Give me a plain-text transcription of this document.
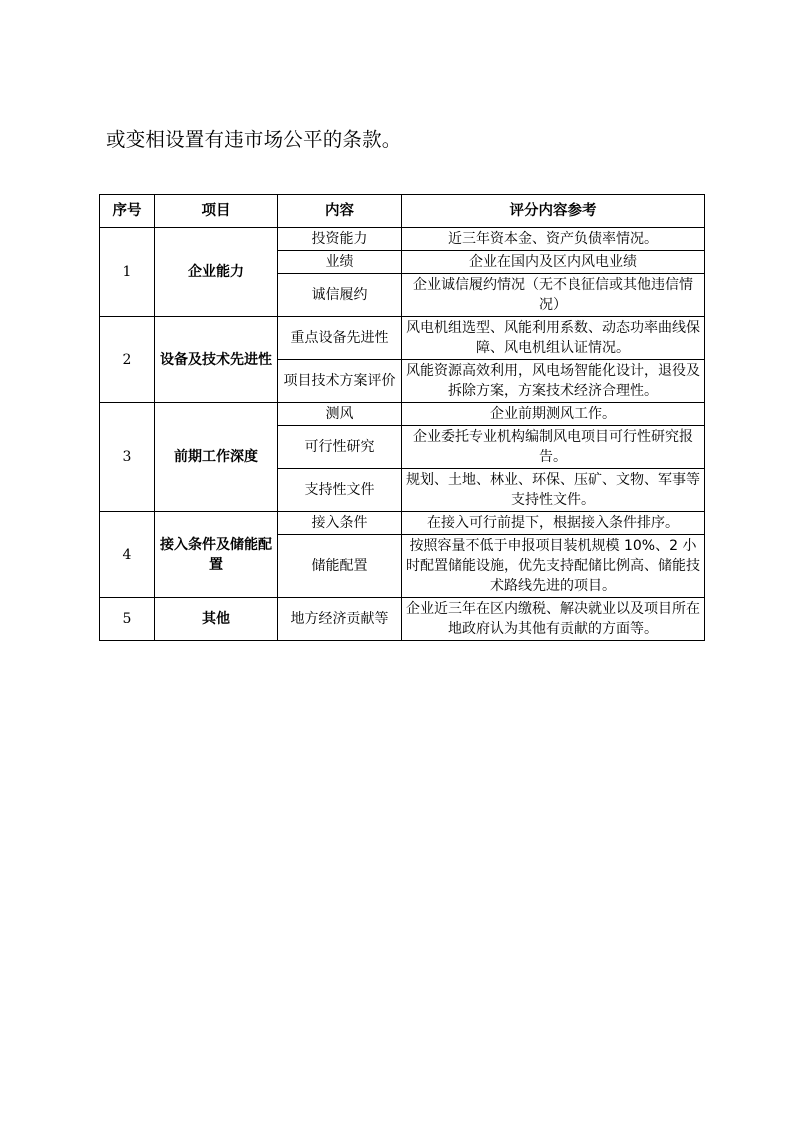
或变相设置有违市场公平的条款。
序号	项目	内容	评分内容参考
1	企业能力	投资能力	近三年资本金、资产负债率情况。
		业绩	企业在国内及区内风电业绩
		诚信履约	企业诚信履约情况（无不良征信或其他违信情况）
2	设备及技术先进性	重点设备先进性	风电机组选型、风能利用系数、动态功率曲线保障、风电机组认证情况。
		项目技术方案评价	风能资源高效利用，风电场智能化设计，退役及拆除方案，方案技术经济合理性。
3	前期工作深度	测风	企业前期测风工作。
		可行性研究	企业委托专业机构编制风电项目可行性研究报告。
		支持性文件	规划、土地、林业、环保、压矿、文物、军事等支持性文件。
4	接入条件及储能配置	接入条件	在接入可行前提下，根据接入条件排序。
		储能配置	按照容量不低于申报项目装机规模 10%、2 小时配置储能设施，优先支持配储比例高、储能技术路线先进的项目。
5	其他	地方经济贡献等	企业近三年在区内缴税、解决就业以及项目所在地政府认为其他有贡献的方面等。
